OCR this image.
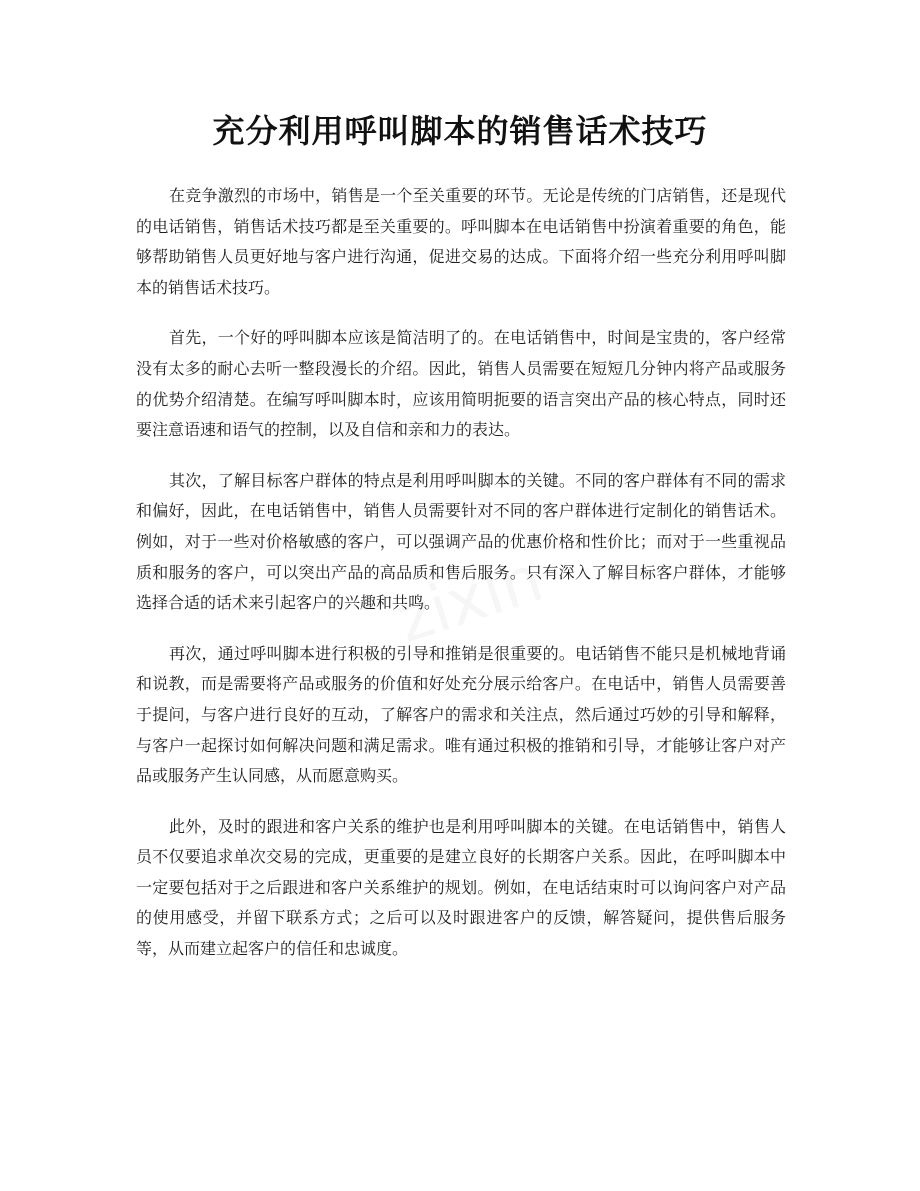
充分利用呼叫脚本的销售话术技巧

在竞争激烈的市场中，销售是一个至关重要的环节。无论是传统的门店销售，还是现代的电话销售，销售话术技巧都是至关重要的。呼叫脚本在电话销售中扮演着重要的角色，能够帮助销售人员更好地与客户进行沟通，促进交易的达成。下面将介绍一些充分利用呼叫脚本的销售话术技巧。

首先，一个好的呼叫脚本应该是简洁明了的。在电话销售中，时间是宝贵的，客户经常没有太多的耐心去听一整段漫长的介绍。因此，销售人员需要在短短几分钟内将产品或服务的优势介绍清楚。在编写呼叫脚本时，应该用简明扼要的语言突出产品的核心特点，同时还要注意语速和语气的控制，以及自信和亲和力的表达。

其次，了解目标客户群体的特点是利用呼叫脚本的关键。不同的客户群体有不同的需求和偏好，因此，在电话销售中，销售人员需要针对不同的客户群体进行定制化的销售话术。例如，对于一些对价格敏感的客户，可以强调产品的优惠价格和性价比；而对于一些重视品质和服务的客户，可以突出产品的高品质和售后服务。只有深入了解目标客户群体，才能够选择合适的话术来引起客户的兴趣和共鸣。

再次，通过呼叫脚本进行积极的引导和推销是很重要的。电话销售不能只是机械地背诵和说教，而是需要将产品或服务的价值和好处充分展示给客户。在电话中，销售人员需要善于提问，与客户进行良好的互动，了解客户的需求和关注点，然后通过巧妙的引导和解释，与客户一起探讨如何解决问题和满足需求。唯有通过积极的推销和引导，才能够让客户对产品或服务产生认同感，从而愿意购买。

此外，及时的跟进和客户关系的维护也是利用呼叫脚本的关键。在电话销售中，销售人员不仅要追求单次交易的完成，更重要的是建立良好的长期客户关系。因此，在呼叫脚本中一定要包括对于之后跟进和客户关系维护的规划。例如，在电话结束时可以询问客户对产品的使用感受，并留下联系方式；之后可以及时跟进客户的反馈，解答疑问，提供售后服务等，从而建立起客户的信任和忠诚度。
